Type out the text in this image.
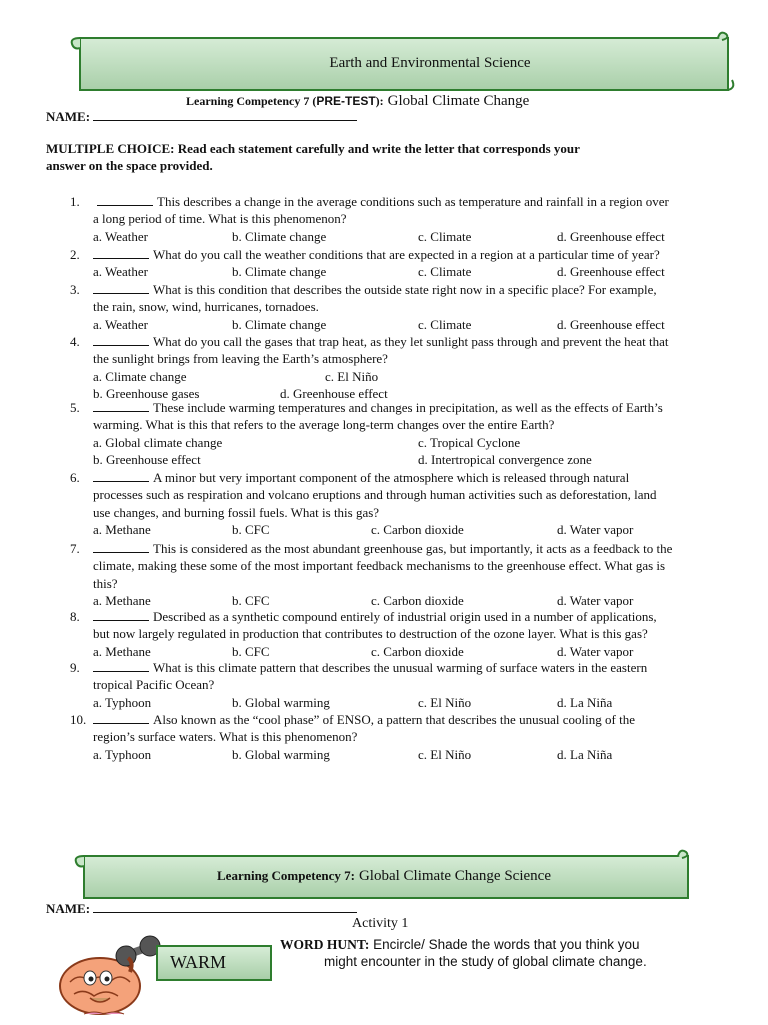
Earth and Environmental Science
Learning Competency 7 (PRE-TEST): Global Climate Change
NAME:
MULTIPLE CHOICE: Read each statement carefully and write the letter that corresponds your
answer on the space provided.
1.	This describes a change in the average conditions such as temperature and rainfall in a region over
a long period of time. What is this phenomenon?
a. Weather	b. Climate change	c. Climate	d. Greenhouse effect
2.	What do you call the weather conditions that are expected in a region at a particular time of year?
a. Weather	b. Climate change	c. Climate	d. Greenhouse effect
3.	What is this condition that describes the outside state right now in a specific place? For example,
the rain, snow, wind, hurricanes, tornadoes.
a. Weather	b. Climate change	c. Climate	d. Greenhouse effect
4.	What do you call the gases that trap heat, as they let sunlight pass through and prevent the heat that
the sunlight brings from leaving the Earth’s atmosphere?
a. Climate change	c. El Niño
b. Greenhouse gases	d. Greenhouse effect
5.	These include warming temperatures and changes in precipitation, as well as the effects of Earth’s
warming. What is this that refers to the average long-term changes over the entire Earth?
a. Global climate change	c. Tropical Cyclone
b. Greenhouse effect	d. Intertropical convergence zone
6.	A minor but very important component of the atmosphere which is released through natural
processes such as respiration and volcano eruptions and through human activities such as deforestation, land
use changes, and burning fossil fuels. What is this gas?
a. Methane	b. CFC	c. Carbon dioxide	d. Water vapor
7.	This is considered as the most abundant greenhouse gas, but importantly, it acts as a feedback to the
climate, making these some of the most important feedback mechanisms to the greenhouse effect. What gas is
this?
a. Methane	b. CFC	c. Carbon dioxide	d. Water vapor
8.	Described as a synthetic compound entirely of industrial origin used in a number of applications,
but now largely regulated in production that contributes to destruction of the ozone layer. What is this gas?
a. Methane	b. CFC	c. Carbon dioxide	d. Water vapor
9.	What is this climate pattern that describes the unusual warming of surface waters in the eastern
tropical Pacific Ocean?
a. Typhoon	b. Global warming	c. El Niño	d. La Niña
10.	Also known as the “cool phase” of ENSO, a pattern that describes the unusual cooling of the
region’s surface waters. What is this phenomenon?
a. Typhoon	b. Global warming	c. El Niño	d. La Niña
Learning Competency 7: Global Climate Change Science
NAME:
Activity 1
WARM
WORD HUNT: Encircle/ Shade the words that you think you
might encounter in the study of global climate change.
